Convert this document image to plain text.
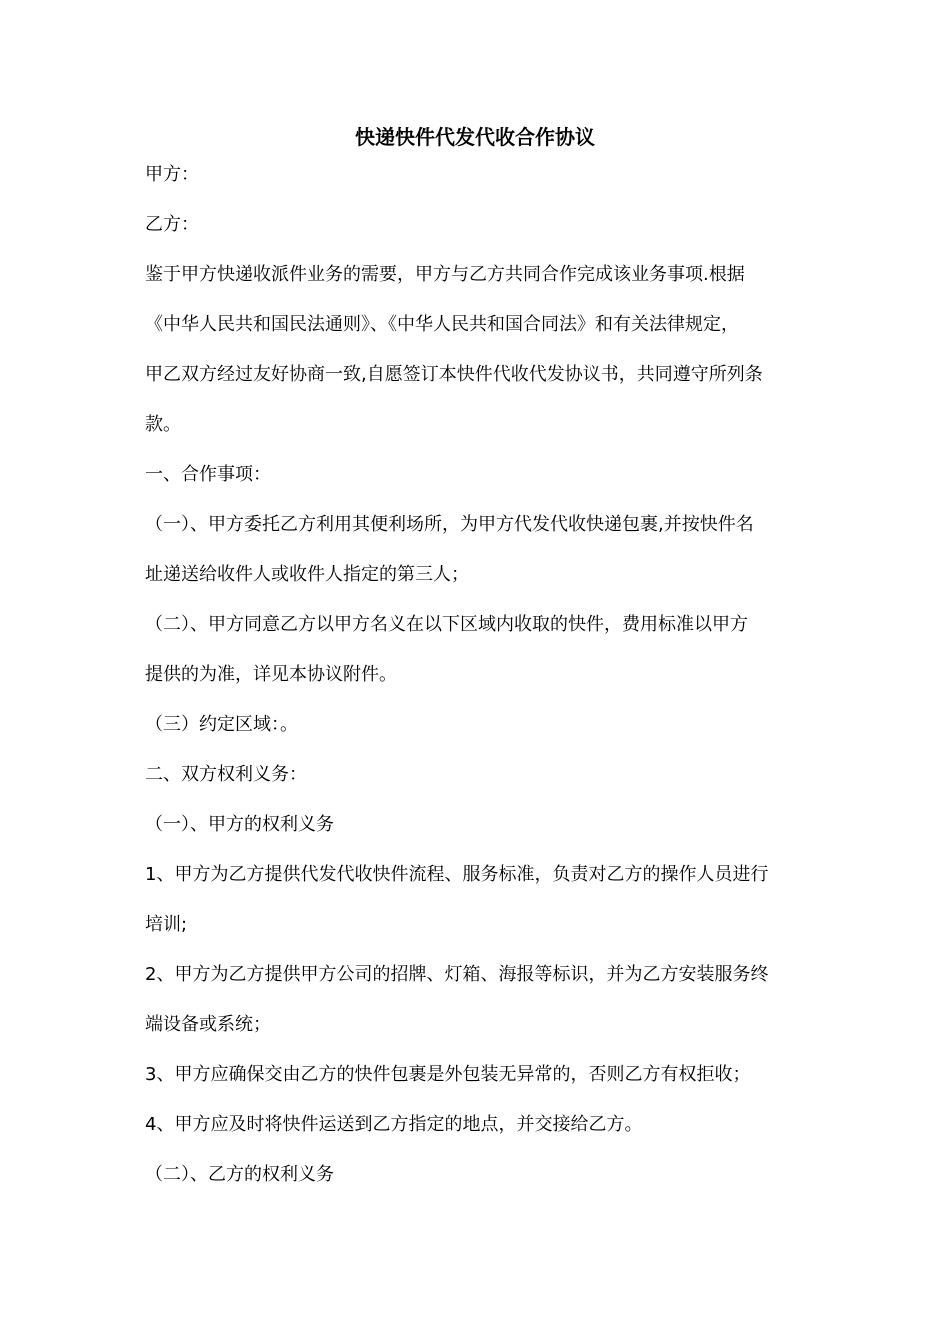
快递快件代发代收合作协议
甲方：
乙方：
鉴于甲方快递收派件业务的需要，甲方与乙方共同合作完成该业务事项.根据
《中华人民共和国民法通则》、《中华人民共和国合同法》和有关法律规定，
甲乙双方经过友好协商一致,自愿签订本快件代收代发协议书，共同遵守所列条
款。
一、合作事项：
（一）、甲方委托乙方利用其便利场所，为甲方代发代收快递包裹,并按快件名
址递送给收件人或收件人指定的第三人；
（二）、甲方同意乙方以甲方名义在以下区域内收取的快件，费用标准以甲方
提供的为准，详见本协议附件。
（三）约定区域：。
二、双方权利义务：
（一）、甲方的权利义务
1、甲方为乙方提供代发代收快件流程、服务标准，负责对乙方的操作人员进行
培训;
2、甲方为乙方提供甲方公司的招牌、灯箱、海报等标识，并为乙方安装服务终
端设备或系统；
3、甲方应确保交由乙方的快件包裹是外包装无异常的，否则乙方有权拒收；
4、甲方应及时将快件运送到乙方指定的地点，并交接给乙方。
（二）、乙方的权利义务
